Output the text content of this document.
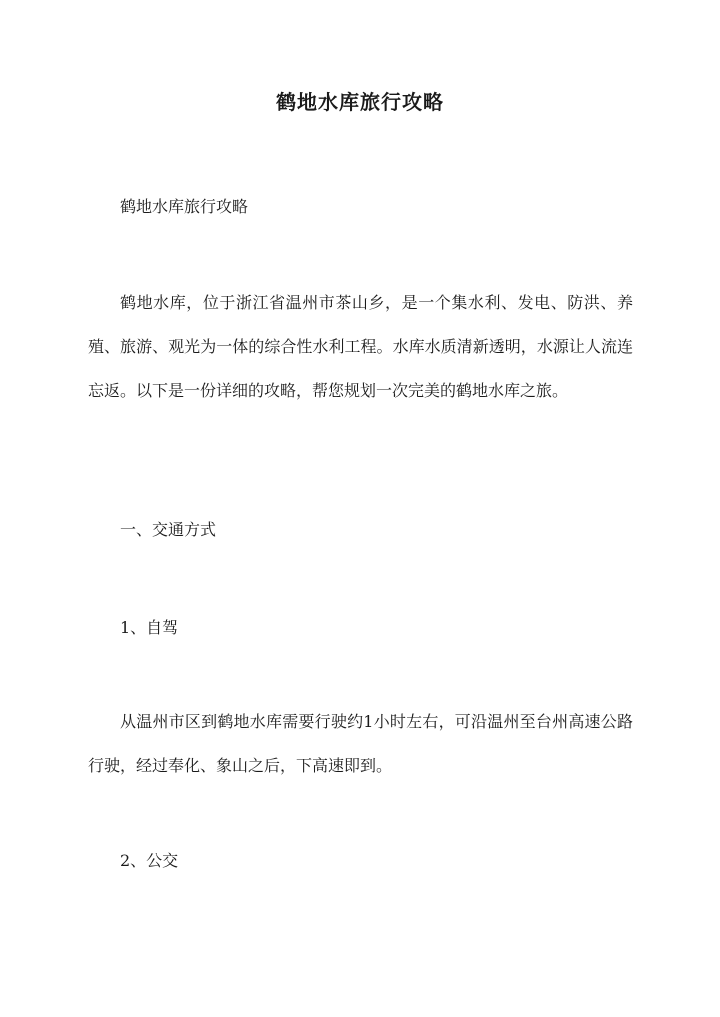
鹤地水库旅行攻略

鹤地水库旅行攻略

鹤地水库，位于浙江省温州市茶山乡，是一个集水利、发电、防洪、养殖、旅游、观光为一体的综合性水利工程。水库水质清新透明，水源让人流连忘返。以下是一份详细的攻略，帮您规划一次完美的鹤地水库之旅。

一、交通方式

1、自驾

从温州市区到鹤地水库需要行驶约1小时左右，可沿温州至台州高速公路行驶，经过奉化、象山之后，下高速即到。

2、公交
